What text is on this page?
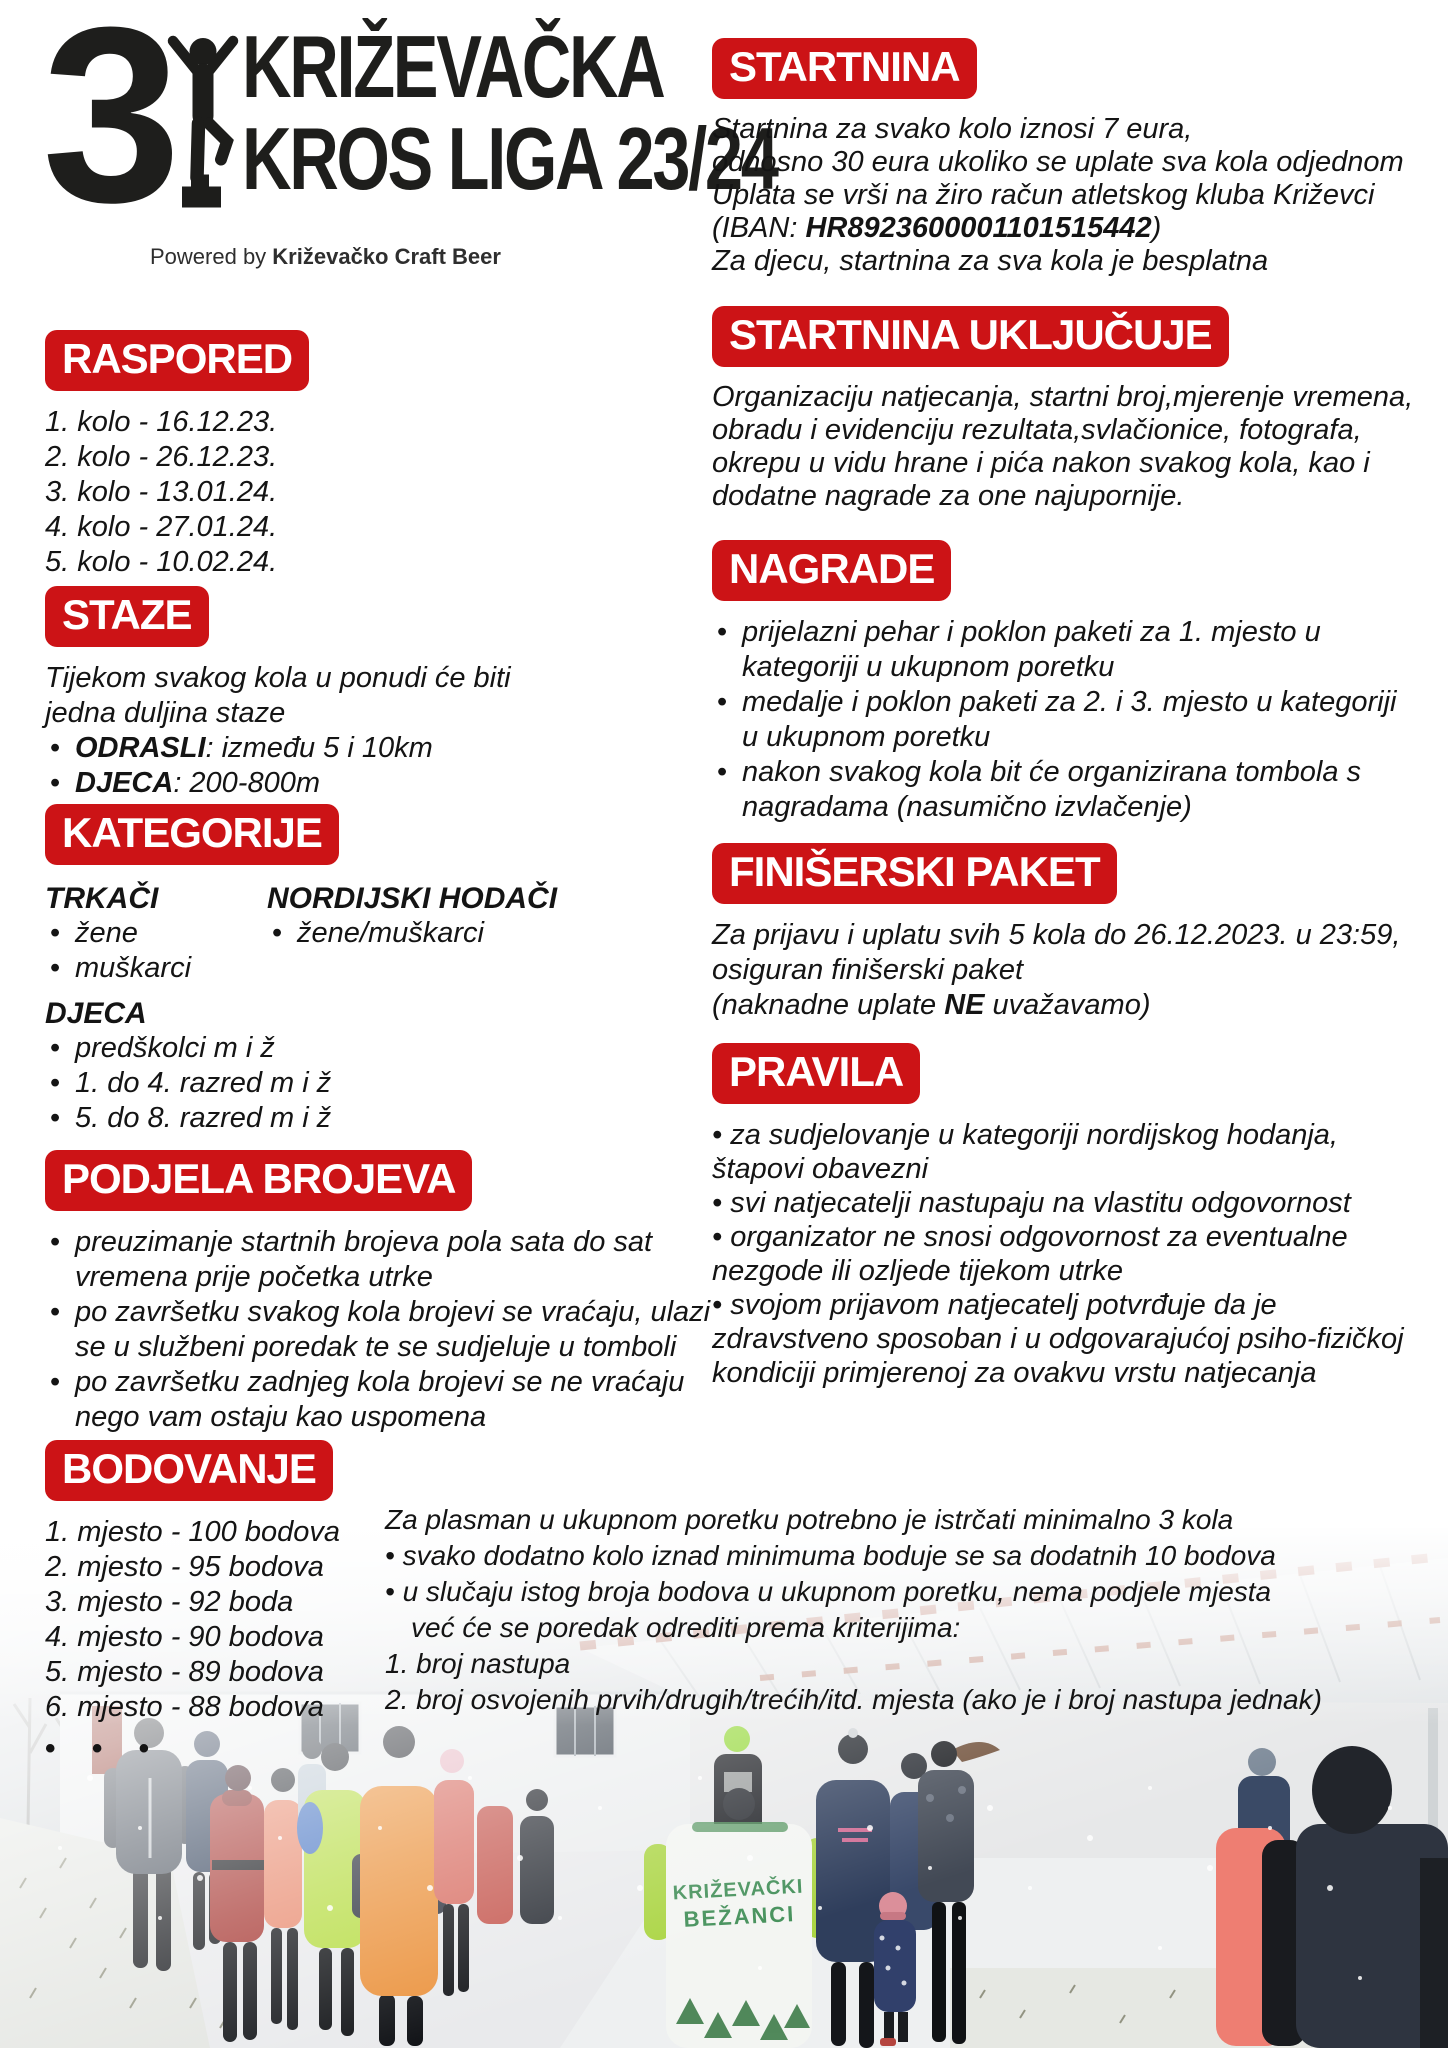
3 KRIŽEVAČKA
KROS LIGA 23/24
Powered by Križevačko Craft Beer
RASPORED
1. kolo - 16.12.23.
2. kolo - 26.12.23.
3. kolo - 13.01.24.
4. kolo - 27.01.24.
5. kolo - 10.02.24.
STAZE
Tijekom svakog kola u ponudi će biti
jedna duljina staze
• ODRASLI: između 5 i 10km
• DJECA: 200-800m
KATEGORIJE
TRKAČI
• žene
• muškarci
NORDIJSKI HODAČI
• žene/muškarci
DJECA
• predškolci m i ž
• 1. do 4. razred m i ž
• 5. do 8. razred m i ž
PODJELA BROJEVA
• preuzimanje startnih brojeva pola sata do sat
vremena prije početka utrke
• po završetku svakog kola brojevi se vraćaju, ulazi
se u službeni poredak te se sudjeluje u tomboli
• po završetku zadnjeg kola brojevi se ne vraćaju
nego vam ostaju kao uspomena
BODOVANJE
1. mjesto - 100 bodova
2. mjesto - 95 bodova
3. mjesto - 92 boda
4. mjesto - 90 bodova
5. mjesto - 89 bodova
6. mjesto - 88 bodova
• • •
STARTNINA
Startnina za svako kolo iznosi 7 eura,
odnosno 30 eura ukoliko se uplate sva kola odjednom
Uplata se vrši na žiro račun atletskog kluba Križevci
(IBAN: HR8923600001101515442)
Za djecu, startnina za sva kola je besplatna
STARTNINA UKLJUČUJE
Organizaciju natjecanja, startni broj,mjerenje vremena,
obradu i evidenciju rezultata,svlačionice, fotografa,
okrepu u vidu hrane i pića nakon svakog kola, kao i
dodatne nagrade za one najupornije.
NAGRADE
• prijelazni pehar i poklon paketi za 1. mjesto u
kategoriji u ukupnom poretku
• medalje i poklon paketi za 2. i 3. mjesto u kategoriji
u ukupnom poretku
• nakon svakog kola bit će organizirana tombola s
nagradama (nasumično izvlačenje)
FINIŠERSKI PAKET
Za prijavu i uplatu svih 5 kola do 26.12.2023. u 23:59,
osiguran finišerski paket
(naknadne uplate NE uvažavamo)
PRAVILA
• za sudjelovanje u kategoriji nordijskog hodanja,
štapovi obavezni
• svi natjecatelji nastupaju na vlastitu odgovornost
• organizator ne snosi odgovornost za eventualne
nezgode ili ozljede tijekom utrke
• svojom prijavom natjecatelj potvrđuje da je
zdravstveno sposoban i u odgovarajućoj psiho-fizičkoj
kondiciji primjerenoj za ovakvu vrstu natjecanja
Za plasman u ukupnom poretku potrebno je istrčati minimalno 3 kola
• svako dodatno kolo iznad minimuma boduje se sa dodatnih 10 bodova
• u slučaju istog broja bodova u ukupnom poretku, nema podjele mjesta
već će se poredak odrediti prema kriterijima:
1. broj nastupa
2. broj osvojenih prvih/drugih/trećih/itd. mjesta (ako je i broj nastupa jednak)
